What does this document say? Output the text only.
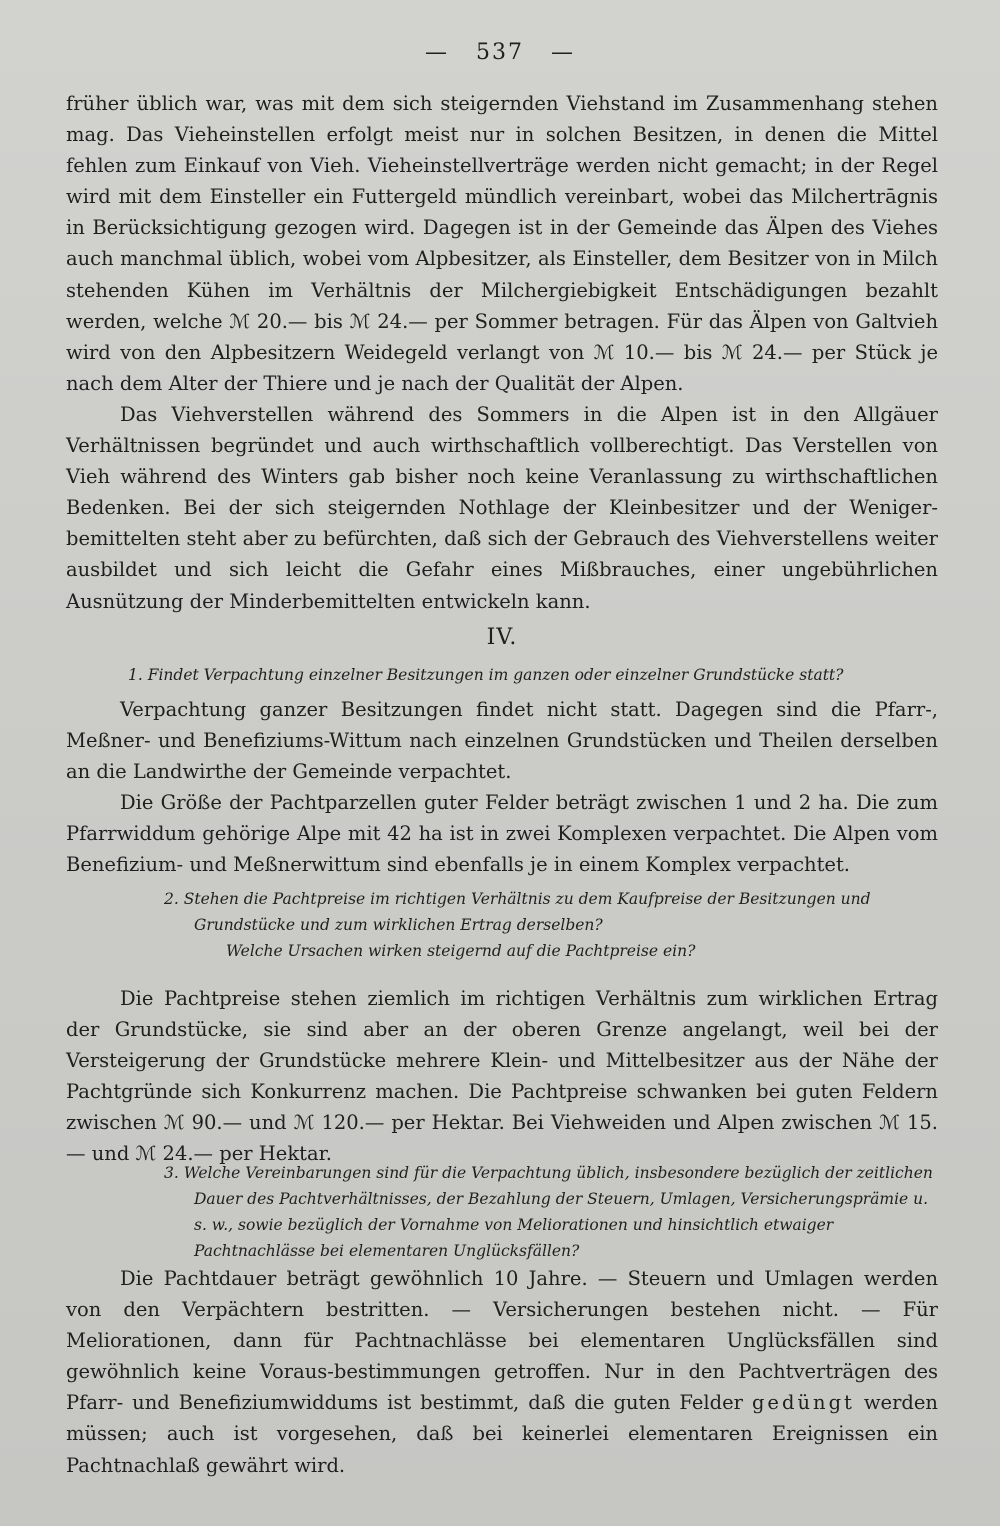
— 537 —

früher üblich war, was mit dem sich steigernden Viehstand im Zusammenhang stehen mag. Das Vieheinstellen erfolgt meist nur in solchen Besitzen, in denen die Mittel fehlen zum Einkauf von Vieh. Vieheinstellverträge werden nicht gemacht; in der Regel wird mit dem Einsteller ein Futtergeld mündlich vereinbart, wobei das Milchertrāgnis in Berücksichtigung gezogen wird. Dagegen ist in der Gemeinde das Älpen des Viehes auch manchmal üblich, wobei vom Alpbesitzer, als Einsteller, dem Besitzer von in Milch stehenden Kühen im Verhältnis der Milchergiebigkeit Entschädigungen bezahlt werden, welche ℳ 20.— bis ℳ 24.— per Sommer betragen. Für das Älpen von Galtvieh wird von den Alpbesitzern Weidegeld verlangt von ℳ 10.— bis ℳ 24.— per Stück je nach dem Alter der Thiere und je nach der Qualität der Alpen.

Das Viehverstellen während des Sommers in die Alpen ist in den Allgäuer Verhältnissen begründet und auch wirthschaftlich vollberechtigt. Das Verstellen von Vieh während des Winters gab bisher noch keine Veranlassung zu wirthschaftlichen Bedenken. Bei der sich steigernden Nothlage der Kleinbesitzer und der Weniger-bemittelten steht aber zu befürchten, daß sich der Gebrauch des Viehverstellens weiter ausbildet und sich leicht die Gefahr eines Mißbrauches, einer ungebührlichen Ausnützung der Minderbemittelten entwickeln kann.

IV.

1. Findet Verpachtung einzelner Besitzungen im ganzen oder einzelner Grundstücke statt?

Verpachtung ganzer Besitzungen findet nicht statt. Dagegen sind die Pfarr-, Meßner- und Benefiziums-Wittum nach einzelnen Grundstücken und Theilen derselben an die Landwirthe der Gemeinde verpachtet.

Die Größe der Pachtparzellen guter Felder beträgt zwischen 1 und 2 ha. Die zum Pfarrwiddum gehörige Alpe mit 42 ha ist in zwei Komplexen verpachtet. Die Alpen vom Benefizium- und Meßnerwittum sind ebenfalls je in einem Komplex verpachtet.

2. Stehen die Pachtpreise im richtigen Verhältnis zu dem Kaufpreise der Besitzungen und Grundstücke und zum wirklichen Ertrag derselben?

Welche Ursachen wirken steigernd auf die Pachtpreise ein?

Die Pachtpreise stehen ziemlich im richtigen Verhältnis zum wirklichen Ertrag der Grundstücke, sie sind aber an der oberen Grenze angelangt, weil bei der Versteigerung der Grundstücke mehrere Klein- und Mittelbesitzer aus der Nähe der Pachtgründe sich Konkurrenz machen. Die Pachtpreise schwanken bei guten Feldern zwischen ℳ 90.— und ℳ 120.— per Hektar. Bei Viehweiden und Alpen zwischen ℳ 15.— und ℳ 24.— per Hektar.

3. Welche Vereinbarungen sind für die Verpachtung üblich, insbesondere bezüglich der zeitlichen Dauer des Pachtverhältnisses, der Bezahlung der Steuern, Umlagen, Versicherungsprämie u. s. w., sowie bezüglich der Vornahme von Meliorationen und hinsichtlich etwaiger Pachtnachlässe bei elementaren Unglücksfällen?

Die Pachtdauer beträgt gewöhnlich 10 Jahre. — Steuern und Umlagen werden von den Verpächtern bestritten. — Versicherungen bestehen nicht. — Für Meliorationen, dann für Pachtnachlässe bei elementaren Unglücksfällen sind gewöhnlich keine Voraus-bestimmungen getroffen. Nur in den Pachtverträgen des Pfarr- und Benefiziumwiddums ist bestimmt, daß die guten Felder gedüngt werden müssen; auch ist vorgesehen, daß bei keinerlei elementaren Ereignissen ein Pachtnachlaß gewährt wird.
